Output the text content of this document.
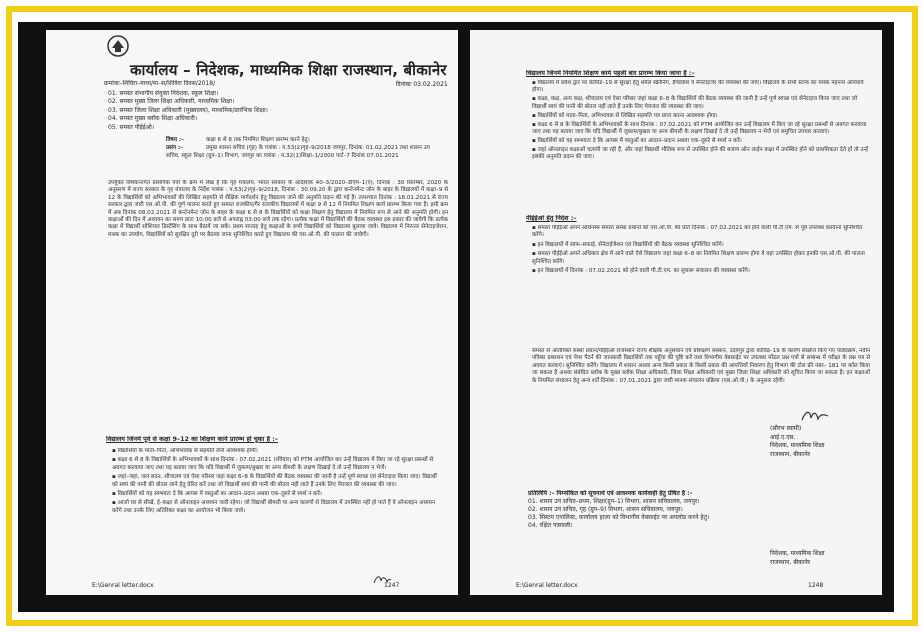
कार्यालय – निदेशक, माध्यमिक शिक्षा राजस्थान, बीकानेर
क्रमांकः–शिविरा–माध्य/मा–स/शिविरा दिवस/2018/	दिनांकः 03.02.2021
01. समस्त संभागीय संयुक्त निदेशक, स्कूल शिक्षा।
02. समस्त मुख्य जिला शिक्षा अधिकारी, माध्यमिक शिक्षा।
03. समस्त जिला शिक्षा अधिकारी (मुख्यालय), माध्यमिक/प्रारंभिक शिक्षा।
04. समस्त मुख्य ब्लॉक शिक्षा अधिकारी।
05. समस्त पीईईओ।
विषय :–	कक्षा 6 से 8 तक नियमित शिक्षण प्रारम्भ करने हेतु।
प्रसंग :–	प्रमुख शासन सचिव (गृह) के पत्रांक : प.53(2)गृह–9/2018 जयपुर, दिनांक: 01.02.2021 तथा शासन उप सचिव, स्कूल शिक्षा (ग्रुप–1) विभाग, जयपुर का पत्रांक : प.32(1)शिक्षा–1/2000 पार्ट–7 दिनांक 07.01.2021
उपर्युक्त विषयान्तर्गत प्रासंगिक पत्रों के क्रम में लेख है कि गृह मंत्रालय, भारत सरकार के आदेशांक 40–3/2020–डीएम–1(ए), दिनांक : 30 सितम्बर, 2020 के अनुसरण में राज्य सरकार के गृह मंत्रालय के निर्देश पत्रांक : प.53(2)गृह–9/2018, दिनांक : 30.09.20 के द्वारा कन्टेनमेन्ट जोन के बाहर के विद्यालयों में कक्षा–9 से 12 के विद्यार्थियों को अभिभावकों की लिखित सहमति से शैक्षिक मार्गदर्शन हेतु विद्यालय जाने की अनुमति प्रदान की गई है। तत्पश्चात दिनांक : 18.01.2021 से राज्य सरकार द्वारा जारी एस.ओ.पी. की पूर्ण पालना करते हुए समस्त राजकीय/गैर राजकीय विद्यालयों में कक्षा 9 से 12 में नियमित शिक्षण कार्य प्रारम्भ किया गया है। इसी क्रम में अब दिनांक 08.02.2021 से कन्टेनमेन्ट जोन के बाहर के कक्षा 6 से 8 के विद्यार्थियों को कक्षा शिक्षण हेतु विद्यालय में नियमित रूप से आने की अनुमति होगी। इन कक्षाओं की दिन में अध्ययन का समय प्रातः 10:00 बजे से अपराह्न 03:00 बजे तक रहेगा। प्रत्येक कक्षा में विद्यार्थियों की बैठक व्यवस्था इस प्रकार की जावेगी कि प्रत्येक कक्षा में विद्यार्थी सोशियल डिस्टेंसिंग के साथ बैठायें जा सकें। प्रथम सप्ताह हेतु कक्षाओं के सभी विद्यार्थियों को विद्यालय बुलाया जावे। विद्यालय में निरन्तर सेनेटाइजेशन, मास्क का उपयोग, विद्यार्थियों को सुरक्षित दूरी पर बैठाया जाना सुनिश्चित करते हुए विद्यालय की एस.ओ.पी. की पालना की जावेगी।
विद्यालय जिनमें पूर्व से कक्षा 9–12 का शिक्षण कार्य प्रारम्भ हो चुका है :–
▪ विद्यार्थियों के माता–पिता, अभिभावक से सहमति लेनी आवश्यक होगी।
▪ कक्षा 6 से 8 के विद्यार्थियों के अभिभावकों के साथ दिनांक : 07.02.2021 (रविवार) को PTM आयोजित कर उन्हें विद्यालय में किए जा रहे सुरक्षा प्रबन्धों से अवगत करवाया जाए तथा यह बताया जाए कि यदि विद्यार्थी में जुकाम/बुखार या अन्य बीमारी के लक्षण दिखाई दे तो उन्हें विद्यालय न भेजें।
▪ जहां–जहां, जल सदन, शौचालय एवं ऐसा परिसर जहां कक्षा 6–8 के विद्यार्थियों की बैठक व्यवस्था की जानी है उन्हें पूर्ण स्वच्छ एवं सेनेटाइज किया जाए। विद्यार्थी को स्वयं की पानी की बोतल लाने हेतु प्रेरित करें तथा जो विद्यार्थी स्वयं की पानी की बोतल नहीं लाते हैं उनके लिए पेयजल की व्यवस्था की जाए।
▪ विद्यार्थियों को यह सम्भवतः दे कि आपस में वस्तुओं का आदान–प्रदान अथवा एक–दूसरे से स्पर्श न करें।
▪ आजो घर से सीखें, ई–कक्षा से ऑनलाइन अध्ययन जारी रहेगा। जो विद्यार्थी बीमारी या अन्य कारणों से विद्यालय में उपस्थित नहीं हो पाते हैं वे ऑनलाइन अध्ययन करेंगे तथा उनके लिए अतिरिक्त कक्षा का आयोजन भी किया जावे।
E:\Genral letter.docx	1247
विद्यालय जिनमें नियमित शिक्षण कार्य पहली बार प्रारम्भ किया जाना है :–
▪ विद्यालय में प्रवेश द्वार पर कोविड–19 से सुरक्षा हेतु थर्मल स्क्रीनिंग, हैण्डवॉश व सेनेटाइजर की व्यवस्था की जाए। विद्यालय के सभी स्टाफ का मास्क पहनना अनिवार्य होगा।
▪ कक्षा, कक्ष, अन्य कक्ष, शौचालय एवं ऐसा परिसर जहां कक्षा 6–8 के विद्यार्थियों की बैठक व्यवस्था की जानी है उन्हें पूर्ण स्वच्छ एवं सेनेटाइज किया जाए तथा जो विद्यार्थी स्वयं की पानी की बोतल नहीं लाते हैं उनके लिए पेयजल की व्यवस्था की जाए।
▪ विद्यार्थियों को माता–पिता, अभिभावक से लिखित सहमति पत्र प्राप्त करना आवश्यक होगा।
▪ कक्षा 6 से 8 के विद्यार्थियों के अभिभावकों के साथ दिनांक : 07.02.2021 को PTM आयोजित कर उन्हें विद्यालय में किए जा रहे सुरक्षा प्रबन्धों से अवगत करवाया जाए तथा यह बताया जाए कि यदि विद्यार्थी में जुकाम/बुखार या अन्य बीमारी के लक्षण दिखाई दे तो उन्हें विद्यालय न भेजें एवं समुचित उपचार करवाएं।
▪ विद्यार्थियों को यह सम्भवतः दे कि आपस में वस्तुओं का आदान–प्रदान अथवा एक–दूसरे से स्पर्श न करें।
▪ जहां ऑनलाइन कक्षाओं चलायी जा रही हैं, और जहां विद्यार्थी भौतिक रूप से उपस्थित होने की बजाय ऑन लाईन कक्षा में उपस्थित होने को प्राथमिकता देते हों तो उन्हें इसकी अनुमति प्रदान की जाए।
पीईईओ हेतु निर्देश :–
▪ समस्त पीईईओ अपने अधिनस्थ समस्त संस्था प्रधानों को एस.ओ.पी. की प्रति दिनांक : 07.02.2021 को होने वाली पी.टी.एम. से पूर्व उपलब्ध करवाना सुनिश्चित करेंगे।
▪ इन विद्यालयों में साफ–सफाई, सेनेटाईजेशन एवं विद्यार्थियों की बैठक व्यवस्था सुनिश्चित करेंगे।
▪ समस्त पीईईओ अपने अधिकार क्षेत्र में आने वाले ऐसे विद्यालय जहां कक्षा 6–8 का नियमित शिक्षण प्रारम्भ होगा वे वहां उपस्थित होकर इनकी एस.ओ.पी. की पालना सुनिश्चित करेंगे।
▪ इन विद्यालयों में दिनांक : 07.02.2021 को होने वाली पी.टी.एम. का सुचारू संचालन की व्यवस्था करेंगे।
समस्त से अतिरिक्त संस्था प्रधान/पीईईओ राजस्थान राज्य शैक्षिक अनुसंधान एवं प्रशिक्षण संस्थान, उदयपुर द्वारा कोविड–19 के कारण संक्षिप्त किए गए पाठ्यक्रम, नवीन पत्रिका प्रकाशन एवं पेपर पैटर्न की जानकारी विद्यार्थियों तक पहुँचा की पुष्टि करें तथा विभागीय वेबसाईट पर उपलब्ध मॉडल प्रश्न पत्रों से सम्बन्ध में परीक्षा के प्रश्न पत्र से अवगत करवाएं। सुनिश्चित करेंगे। विद्यालय में शासन अथवा अन्य किसी प्रकार के किसी प्रकार की आपत्तियाँ निवारण हेतु विभाग की टोल फ्री नंबर– 181 पर कॉल किया जा सकता है अथवा संबंधित ब्लॉक के मुख्य ब्लॉक शिक्षा अधिकारी, जिला शिक्षा अधिकारी एवं मुख्य जिला शिक्षा अधिकारी को सूचित किया जा सकता है। इन कक्षाओं के नियमित संचालन हेतु अन्य शर्तें दिनांक : 07.01.2021 द्वारा जारी मानक संचालन प्रक्रिया (एस.ओ.पी.) के अनुसार रहेगी।
(सौरभ स्वामी)
आई.ए.एस.
निदेशक, माध्यमिक शिक्षा
राजस्थान, बीकानेर
प्रतिलिपि :– निम्नांकित को सूचनार्थ एवं आवश्यक कार्यवाही हेतु प्रेषित है :–
01. शासन उप सचिव–प्रथम, शिक्षा(ग्रुप–1) विभाग, शासन सचिवालय, जयपुर।
02. शासन उप सचिव, गृह (ग्रुप–9) विभाग, शासन सचिवालय, जयपुर।
03. सिस्टम एनालिस्ट, कार्यालय हाजा को विभागीय वेबसाईट पर अपलोड करने हेतु।
04. रक्षित पत्रावली।
निदेशक, माध्यमिक शिक्षा
राजस्थान, बीकानेर
E:\Genral letter.docx	1248
